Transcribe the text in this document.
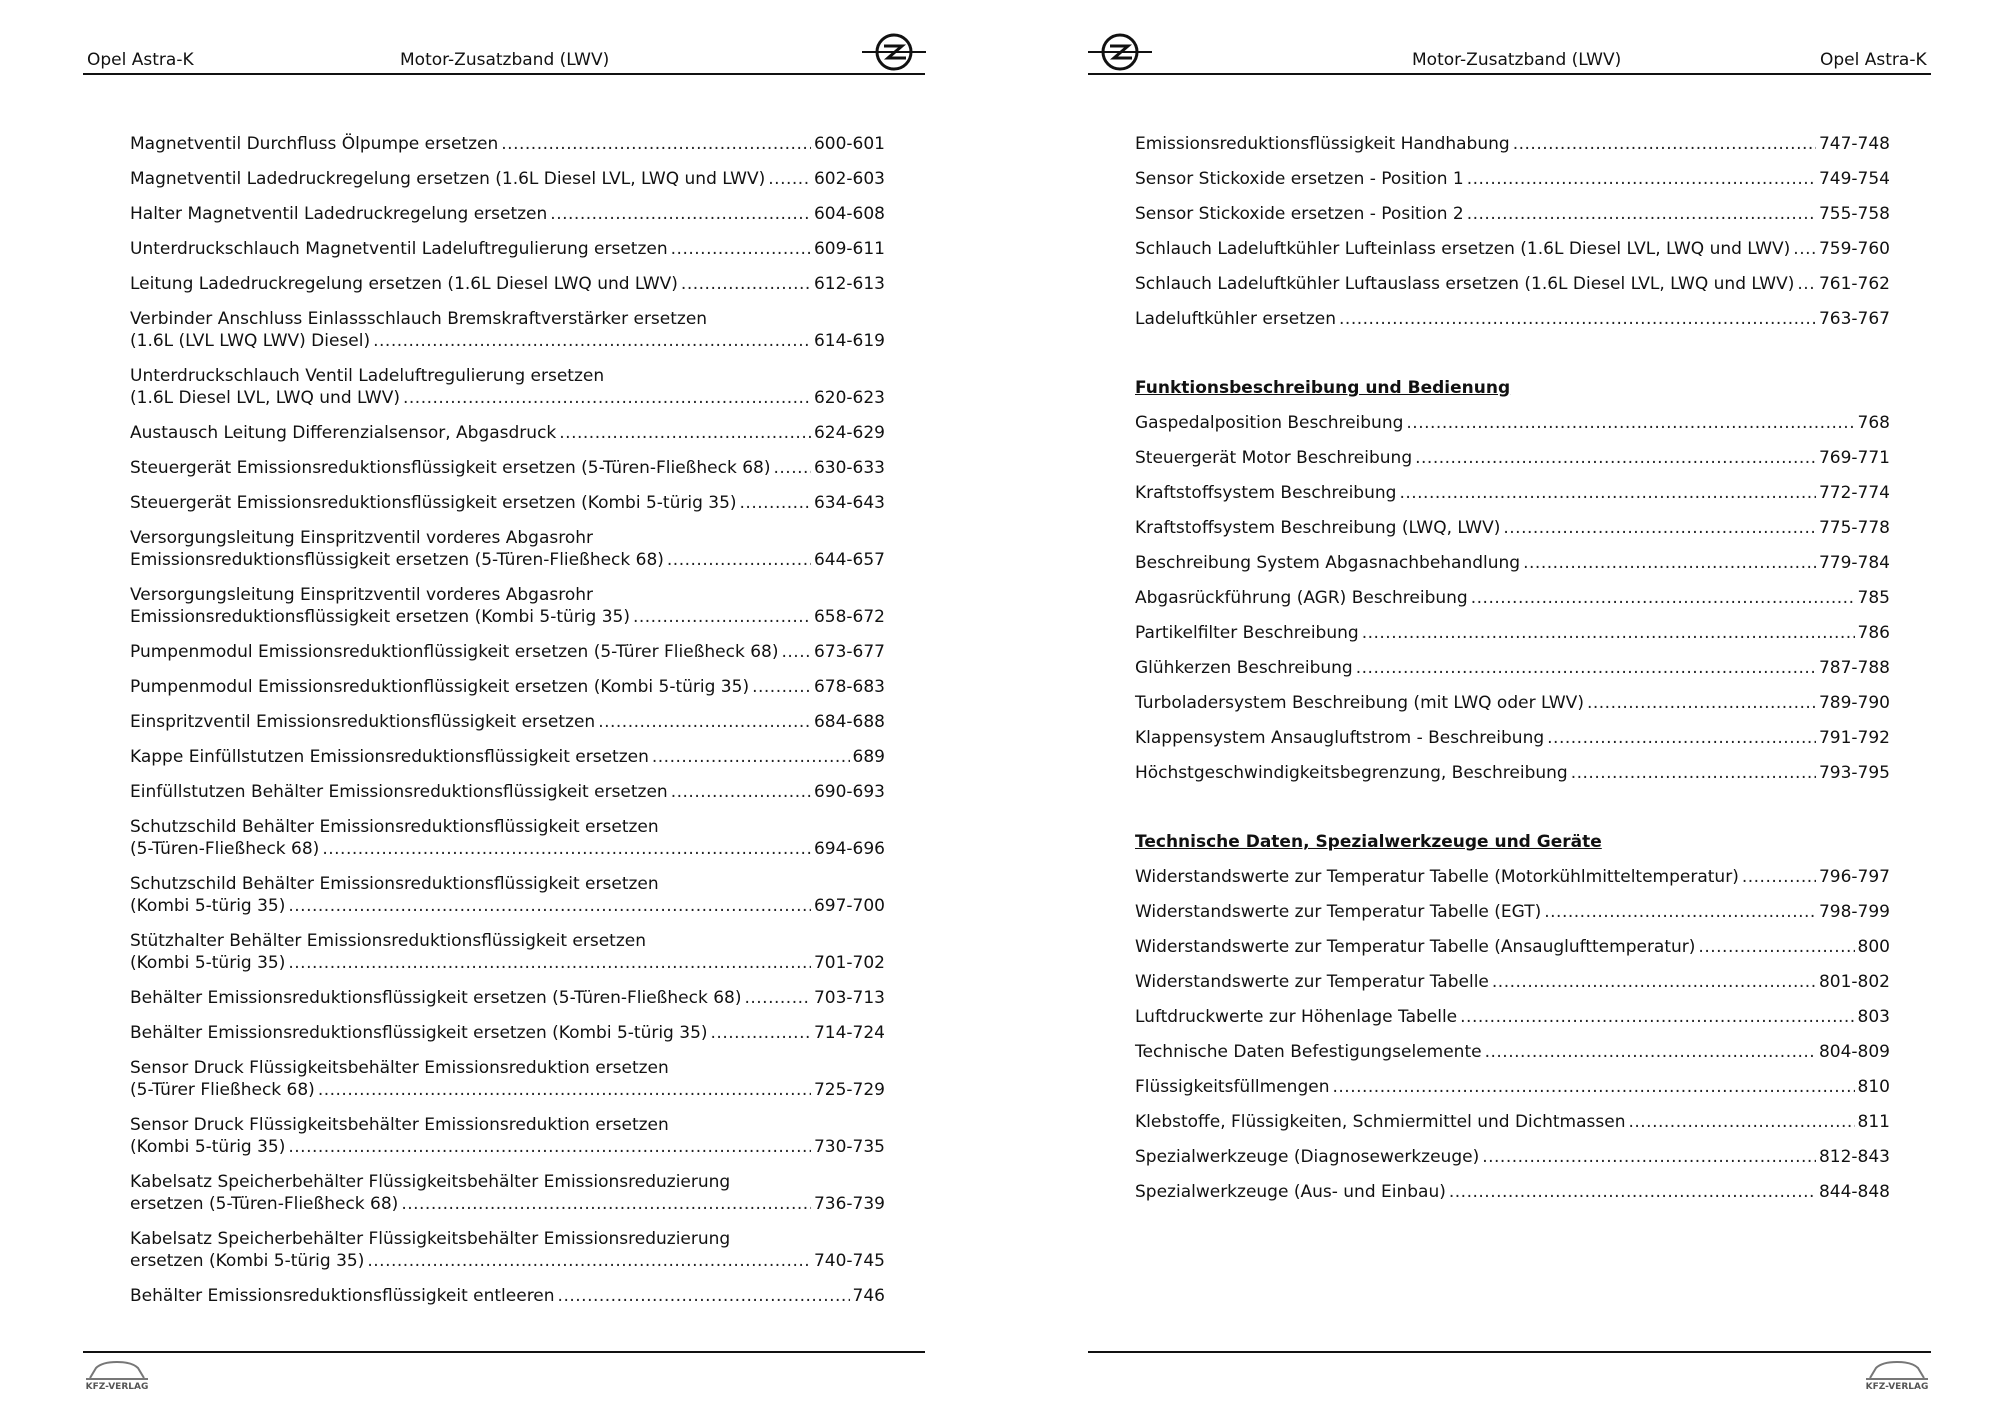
Opel Astra-K	Motor-Zusatzband (LWV)
Magnetventil Durchfluss Ölpumpe ersetzen .....	600-601
Magnetventil Ladedruckregelung ersetzen (1.6L Diesel LVL, LWQ und LWV) .....	602-603
Halter Magnetventil Ladedruckregelung ersetzen .....	604-608
Unterdruckschlauch Magnetventil Ladeluftregulierung ersetzen .....	609-611
Leitung Ladedruckregelung ersetzen (1.6L Diesel LWQ und LWV) .....	612-613
Verbinder Anschluss Einlassschlauch Bremskraftverstärker ersetzen
(1.6L (LVL LWQ LWV) Diesel) .....	614-619
Unterdruckschlauch Ventil Ladeluftregulierung ersetzen
(1.6L Diesel LVL, LWQ und LWV) .....	620-623
Austausch Leitung Differenzialsensor, Abgasdruck .....	624-629
Steuergerät Emissionsreduktionsflüssigkeit ersetzen (5-Türen-Fließheck 68) .....	630-633
Steuergerät Emissionsreduktionsflüssigkeit ersetzen (Kombi 5-türig 35) .....	634-643
Versorgungsleitung Einspritzventil vorderes Abgasrohr
Emissionsreduktionsflüssigkeit ersetzen (5-Türen-Fließheck 68) .....	644-657
Versorgungsleitung Einspritzventil vorderes Abgasrohr
Emissionsreduktionsflüssigkeit ersetzen (Kombi 5-türig 35) .....	658-672
Pumpenmodul Emissionsreduktionflüssigkeit ersetzen (5-Türer Fließheck 68) ..... 673-677
Pumpenmodul Emissionsreduktionflüssigkeit ersetzen (Kombi 5-türig 35) .....	678-683
Einspritzventil Emissionsreduktionsflüssigkeit ersetzen .....	684-688
Kappe Einfüllstutzen Emissionsreduktionsflüssigkeit ersetzen .....	689
Einfüllstutzen Behälter Emissionsreduktionsflüssigkeit ersetzen .....	690-693
Schutzschild Behälter Emissionsreduktionsflüssigkeit ersetzen
(5-Türen-Fließheck 68) .....	694-696
Schutzschild Behälter Emissionsreduktionsflüssigkeit ersetzen
(Kombi 5-türig 35) .....	697-700
Stützhalter Behälter Emissionsreduktionsflüssigkeit ersetzen
(Kombi 5-türig 35) .....	701-702
Behälter Emissionsreduktionsflüssigkeit ersetzen (5-Türen-Fließheck 68) .....	703-713
Behälter Emissionsreduktionsflüssigkeit ersetzen (Kombi 5-türig 35) .....	714-724
Sensor Druck Flüssigkeitsbehälter Emissionsreduktion ersetzen
(5-Türer Fließheck 68) .....	725-729
Sensor Druck Flüssigkeitsbehälter Emissionsreduktion ersetzen
(Kombi 5-türig 35) .....	730-735
Kabelsatz Speicherbehälter Flüssigkeitsbehälter Emissionsreduzierung
ersetzen (5-Türen-Fließheck 68) .....	736-739
Kabelsatz Speicherbehälter Flüssigkeitsbehälter Emissionsreduzierung
ersetzen (Kombi 5-türig 35) .....	740-745
Behälter Emissionsreduktionsflüssigkeit entleeren .....	746
KFZ-VERLAG
Motor-Zusatzband (LWV)	Opel Astra-K
Emissionsreduktionsflüssigkeit Handhabung .....	747-748
Sensor Stickoxide ersetzen - Position 1 .....	749-754
Sensor Stickoxide ersetzen - Position 2 .....	755-758
Schlauch Ladeluftkühler Lufteinlass ersetzen (1.6L Diesel LVL, LWQ und LWV) ..... 759-760
Schlauch Ladeluftkühler Luftauslass ersetzen (1.6L Diesel LVL, LWQ und LWV) ..... 761-762
Ladeluftkühler ersetzen .....	763-767
Funktionsbeschreibung und Bedienung
Gaspedalposition Beschreibung .....	768
Steuergerät Motor Beschreibung .....	769-771
Kraftstoffsystem Beschreibung .....	772-774
Kraftstoffsystem Beschreibung (LWQ, LWV) .....	775-778
Beschreibung System Abgasnachbehandlung .....	779-784
Abgasrückführung (AGR) Beschreibung .....	785
Partikelfilter Beschreibung .....	786
Glühkerzen Beschreibung .....	787-788
Turboladersystem Beschreibung (mit LWQ oder LWV) .....	789-790
Klappensystem Ansaugluftstrom - Beschreibung .....	791-792
Höchstgeschwindigkeitsbegrenzung, Beschreibung .....	793-795
Technische Daten, Spezialwerkzeuge und Geräte
Widerstandswerte zur Temperatur Tabelle (Motorkühlmitteltemperatur) .....	796-797
Widerstandswerte zur Temperatur Tabelle (EGT) .....	798-799
Widerstandswerte zur Temperatur Tabelle (Ansauglufttemperatur) .....	800
Widerstandswerte zur Temperatur Tabelle .....	801-802
Luftdruckwerte zur Höhenlage Tabelle .....	803
Technische Daten Befestigungselemente .....	804-809
Flüssigkeitsfüllmengen .....	810
Klebstoffe, Flüssigkeiten, Schmiermittel und Dichtmassen .....	811
Spezialwerkzeuge (Diagnosewerkzeuge) .....	812-843
Spezialwerkzeuge (Aus- und Einbau) .....	844-848
KFZ-VERLAG
